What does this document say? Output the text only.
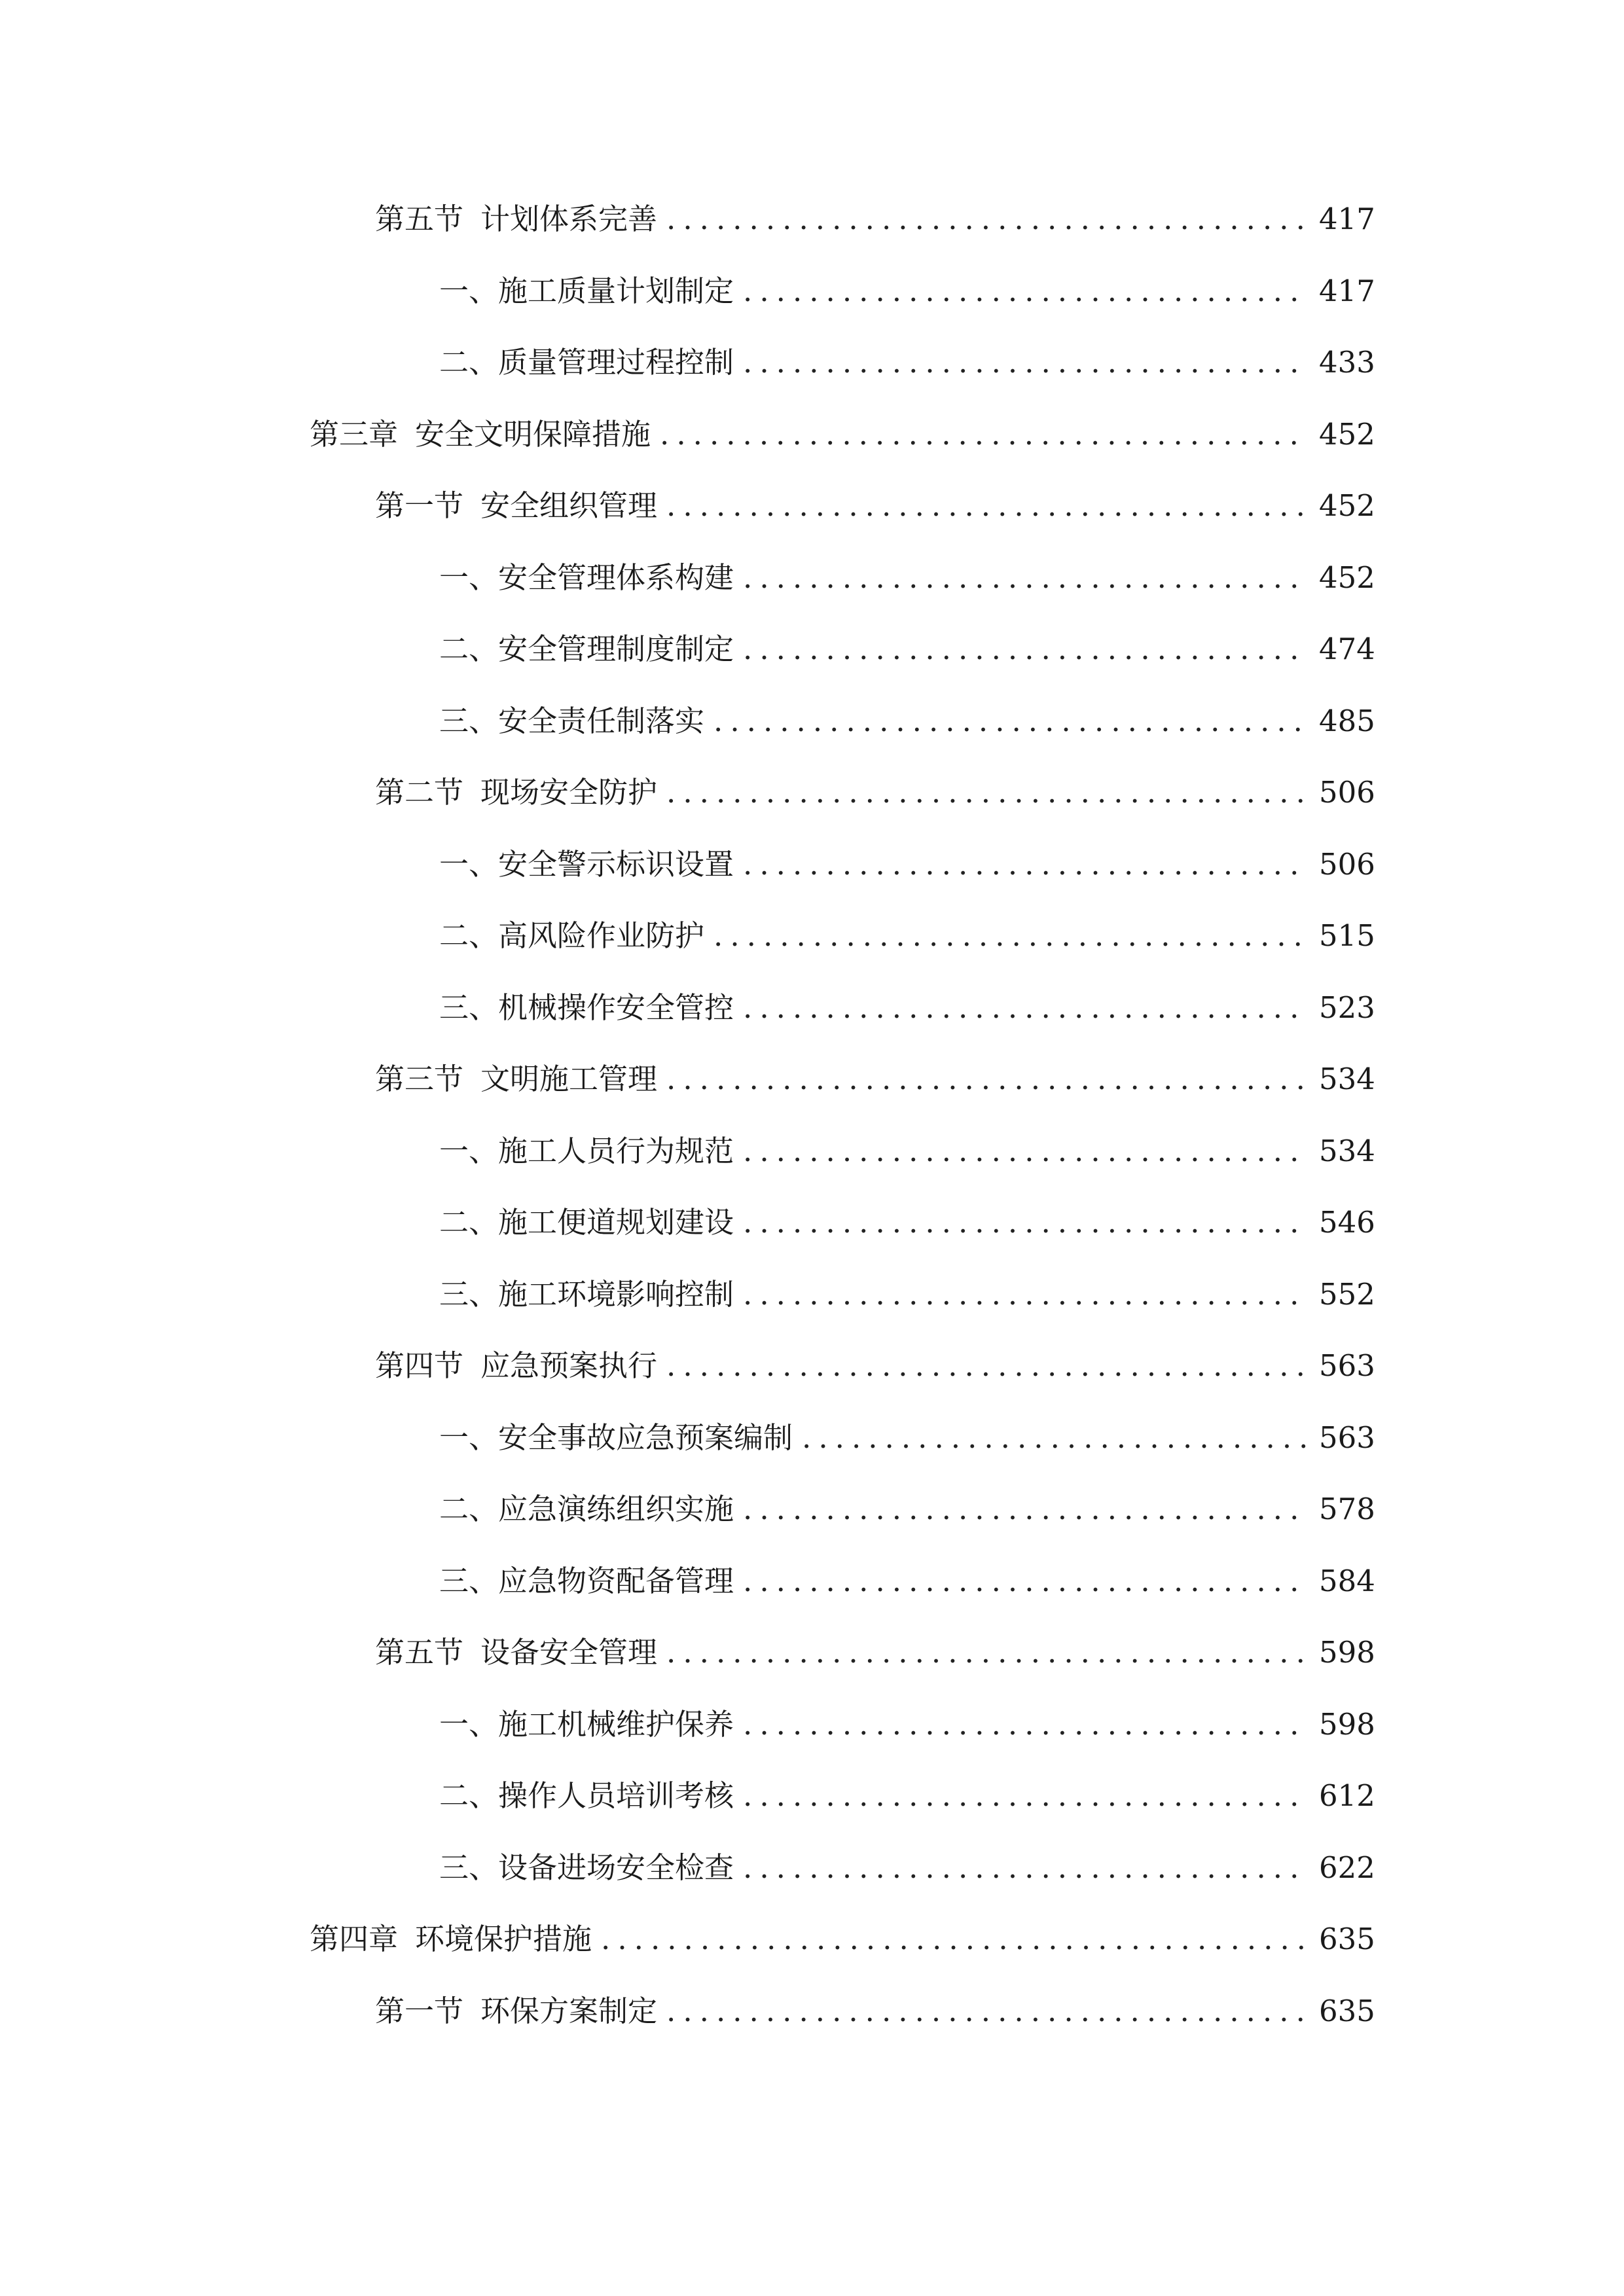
第五节 计划体系完善 .....	417
一、 施工质量计划制定 .....	417
二、 质量管理过程控制 .....	433
第三章 安全文明保障措施 .....	452
第一节 安全组织管理 .....	452
一、 安全管理体系构建 .....	452
二、 安全管理制度制定 .....	474
三、 安全责任制落实 .....	485
第二节 现场安全防护 .....	506
一、 安全警示标识设置 .....	506
二、 高风险作业防护 .....	515
三、 机械操作安全管控 .....	523
第三节 文明施工管理 .....	534
一、 施工人员行为规范 .....	534
二、 施工便道规划建设 .....	546
三、 施工环境影响控制 .....	552
第四节 应急预案执行 .....	563
一、 安全事故应急预案编制 .....	563
二、 应急演练组织实施 .....	578
三、 应急物资配备管理 .....	584
第五节 设备安全管理 .....	598
一、 施工机械维护保养 .....	598
二、 操作人员培训考核 .....	612
三、 设备进场安全检查 .....	622
第四章 环境保护措施 .....	635
第一节 环保方案制定 .....	635
